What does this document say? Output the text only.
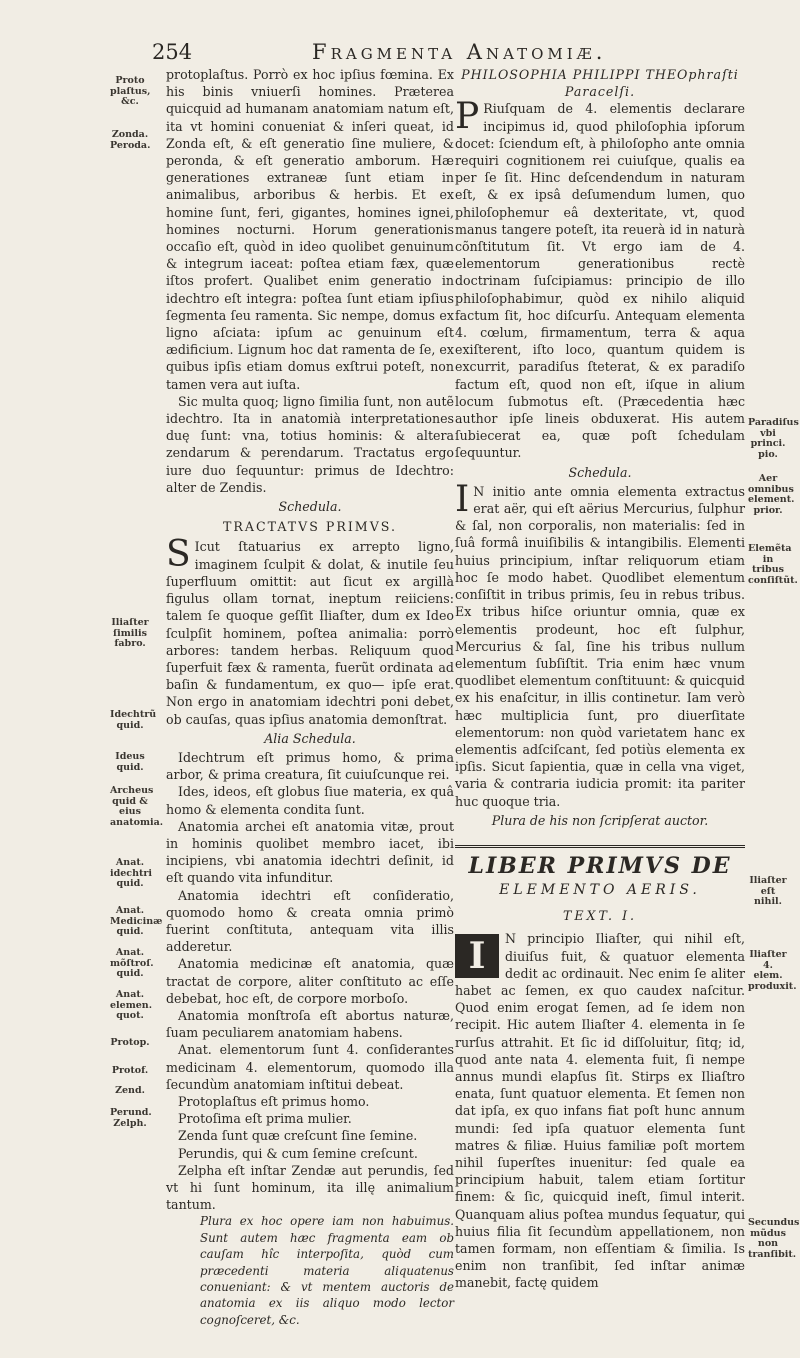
254	Fragmenta Anatomiæ.
Proto plaſtus, &c.
Zonda. Peroda.
Iliaſter ſimilis fabro.
Idechtrũ quid.
Ideus quid.
Archeus quid & eius anatomia.
Anat. idechtri quid.
Anat. Medicinæ quid.
Anat. mõſtroſ. quid.
Anat. elemen. quot.
Protop.
Protof.
Zend.
Perund. Zelph.
Paradiſus vbi princi. pio.
Aer omnibus element. prior.
Elemẽta in tribus conſiſtũt.
Iliaſter eſt nihil.
Iliaſter 4. elem. produxit.
Secundus mũdus non tranſibit.

protoplaſtus. Porrò ex hoc ipſius fœmina. Ex his binis vniuerſi homines. Præterea quicquid ad humanam anatomiam natum eſt, ita vt homini conueniat & inſeri queat, id Zonda eſt, & eſt generatio ſine muliere, & peronda, & eſt generatio amborum. Hæ generationes extraneæ ſunt etiam in animalibus, arboribus & herbis. Et ex homine ſunt, feri, gigantes, homines ignei, homines nocturni. Horum generationis occaſio eſt, quòd in ideo quolibet genuinum & integrum iaceat: poſtea etiam fæx, quæ iſtos profert. Qualibet enim generatio in idechtro eſt integra: poſtea ſunt etiam ipſius ſegmenta ſeu ramenta. Sic nempe, domus ex ligno aſciata: ipſum ac genuinum eſt ædificium. Lignum hoc dat ramenta de ſe, ex quibus ipſis etiam domus exſtrui poteſt, non tamen vera aut iuſta.

Sic multa quoq; ligno ſimilia ſunt, non autẽ idechtro. Ita in anatomià interpretationes duę ſunt: vna, totius hominis: & altera zendarum & perendarum. Tractatus ergo iure duo ſequuntur: primus de Idechtro: alter de Zendis.

Schedula.

TRACTATVS PRIMVS.

S Icut ſtatuarius ex arrepto ligno, imaginem ſculpit & dolat, & inutile ſeu ſuperfluum omittit: aut ſicut ex argillà figulus ollam tornat, ineptum reiiciens: talem ſe quoque geſſit Iliaſter, dum ex Ideo ſculpſit hominem, poſtea animalia: porrò arbores: tandem herbas. Reliquum quod ſuperfuit fæx & ramenta, fuerũt ordinata ad baſin & fundamentum, ex quo— ipſe erat. Non ergo in anatomiam idechtri poni debet, ob cauſas, quas ipſius anatomia demonſtrat.

Alia Schedula.

Idechtrum eſt primus homo, & prima arbor, & prima creatura, ſit cuiuſcunque rei.

Ides, ideos, eſt globus ſiue materia, ex quâ homo & elementa condita ſunt.

Anatomia archei eſt anatomia vitæ, prout in hominis quolibet membro iacet, ibi incipiens, vbi anatomia idechtri deſinit, id eſt quando vita infunditur.

Anatomia idechtri eſt conſideratio, quomodo homo & creata omnia primò fuerint conſtituta, antequam vita illis adderetur.

Anatomia medicinæ eſt anatomia, quæ tractat de corpore, aliter conſtituto ac eſſe debebat, hoc eſt, de corpore morboſo.

Anatomia monſtroſa eſt abortus naturæ, ſuam peculiarem anatomiam habens.

Anat. elementorum ſunt 4. conſiderantes medicinam 4. elementorum, quomodo illa ſecundùm anatomiam inſtitui debeat.

Protoplaſtus eſt primus homo.

Protoſima eſt prima mulier.

Zenda ſunt quæ creſcunt ſine ſemine.

Perundis, qui & cum ſemine creſcunt.

Zelpha eſt inſtar Zendæ aut perundis, ſed vt hi ſunt hominum, ita illę animalium tantum.

Plura ex hoc opere iam non habuimus. Sunt autem hæc fragmenta eam ob cauſam hîc interpoſita, quòd cum præcedenti materia aliquatenus conueniant: & vt mentem auctoris de anatomia ex iis aliquo modo lector cognoſceret, &c.

PHILOSOPHIA PHILIPPI THEOphraſti Paracelſi.

P Riuſquam de 4. elementis declarare incipimus id, quod philoſophia ipſorum docet: ſciendum eſt, à philoſopho ante omnia requiri cognitionem rei cuiuſque, qualis ea per ſe ſit. Hinc deſcendendum in naturam eſt, & ex ipsâ deſumendum lumen, quo philoſophemur eâ dexteritate, vt, quod manus tangere poteſt, ita reuerà id in naturà cõnſtitutum ſit. Vt ergo iam de 4. elementorum generationibus rectè doctrinam ſuſcipiamus: principio de illo philoſophabimur, quòd ex nihilo aliquid factum ſit, hoc diſcurſu. Antequam elementa 4. cœlum, firmamentum, terra & aqua exiſterent, iſto loco, quantum quidem is excurrit, paradiſus ſteterat, & ex paradiſo factum eſt, quod non eſt, iſque in alium locum ſubmotus eſt. (Præcedentia hæc author ipſe lineis obduxerat. His autem ſubiecerat ea, quæ poſt ſchedulam ſequuntur.

Schedula.

I N initio ante omnia elementa extractus erat aër, qui eſt aërius Mercurius, ſulphur & ſal, non corporalis, non materialis: ſed in ſuâ formâ inuiſibilis & intangibilis. Elementi huius principium, inſtar reliquorum etiam hoc ſe modo habet. Quodlibet elementum conſiſtit in tribus primis, ſeu in rebus tribus. Ex tribus hiſce oriuntur omnia, quæ ex elementis prodeunt, hoc eſt ſulphur, Mercurius & ſal, ſine his tribus nullum elementum ſubſiſtit. Tria enim hæc vnum quodlibet elementum conſtituunt: & quicquid ex his enaſcitur, in illis continetur. Iam verò hæc multiplicia ſunt, pro diuerſitate elementorum: non quòd varietatem hanc ex elementis adſciſcant, ſed potiùs elementa ex ipſis. Sicut ſapientia, quæ in cella vna viget, varia & contraria iudicia promit: ita pariter huc quoque tria.

Plura de his non ſcripſerat auctor.

LIBER PRIMVS DE

ELEMENTO AERIS.

TEXT. I.

I	N principio Iliaſter, qui nihil eſt, diuiſus fuit, & quatuor elementa dedit ac ordinauit. Nec enim ſe aliter habet ac ſemen, ex quo caudex naſcitur. Quod enim erogat ſemen, ad ſe idem non recipit. Hic autem Iliaſter 4. elementa in ſe rurſus attrahit. Et ſic id diſſoluitur, ſitq; id, quod ante nata 4. elementa fuit, ſi nempe annus mundi elapſus ſit. Stirps ex Iliaſtro enata, ſunt quatuor elementa. Et ſemen non dat ipſa, ex quo infans fiat poſt hunc annum mundi: ſed ipſa quatuor elementa ſunt matres & filiæ. Huius familiæ poſt mortem nihil ſuperſtes inuenitur: ſed quale ea principium habuit, talem etiam ſortitur finem: & ſic, quicquid ineſt, ſimul interit. Quanquam alius poſtea mundus ſequatur, qui huius filia ſit ſecundùm appellationem, non tamen formam, non eſſentiam & ſimilia. Is enim non tranſibit, ſed inſtar animæ manebit, factę quidem
